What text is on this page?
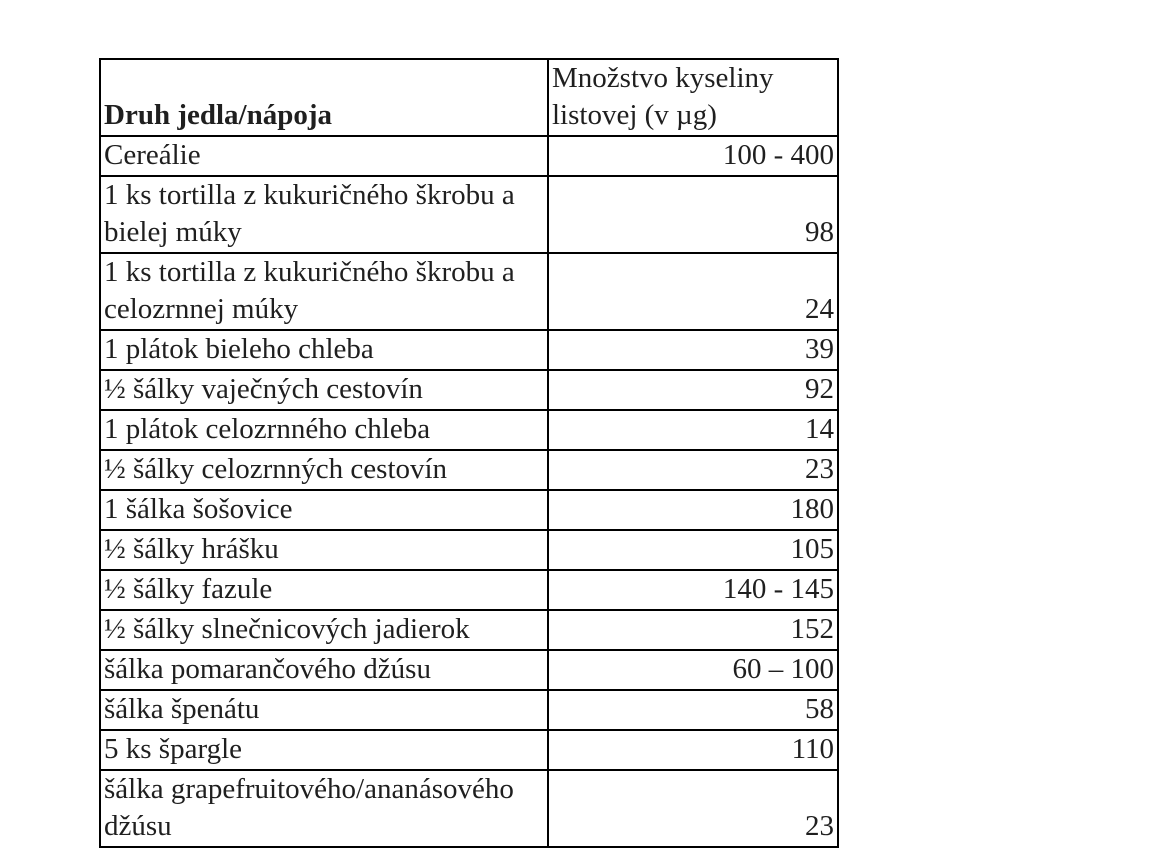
Druh jedla/nápoja	Množstvo kyseliny listovej (v µg)
Cereálie	100 - 400
1 ks tortilla z kukuričného škrobu a bielej múky	98
1 ks tortilla z kukuričného škrobu a celozrnnej múky	24
1 plátok bieleho chleba	39
½ šálky vaječných cestovín	92
1 plátok celozrnného chleba	14
½ šálky celozrnných cestovín	23
1 šálka šošovice	180
½ šálky hrášku	105
½ šálky fazule	140 - 145
½ šálky slnečnicových jadierok	152
šálka pomarančového džúsu	60 – 100
šálka špenátu	58
5 ks špargle	110
šálka grapefruitového/ananásového džúsu	23
